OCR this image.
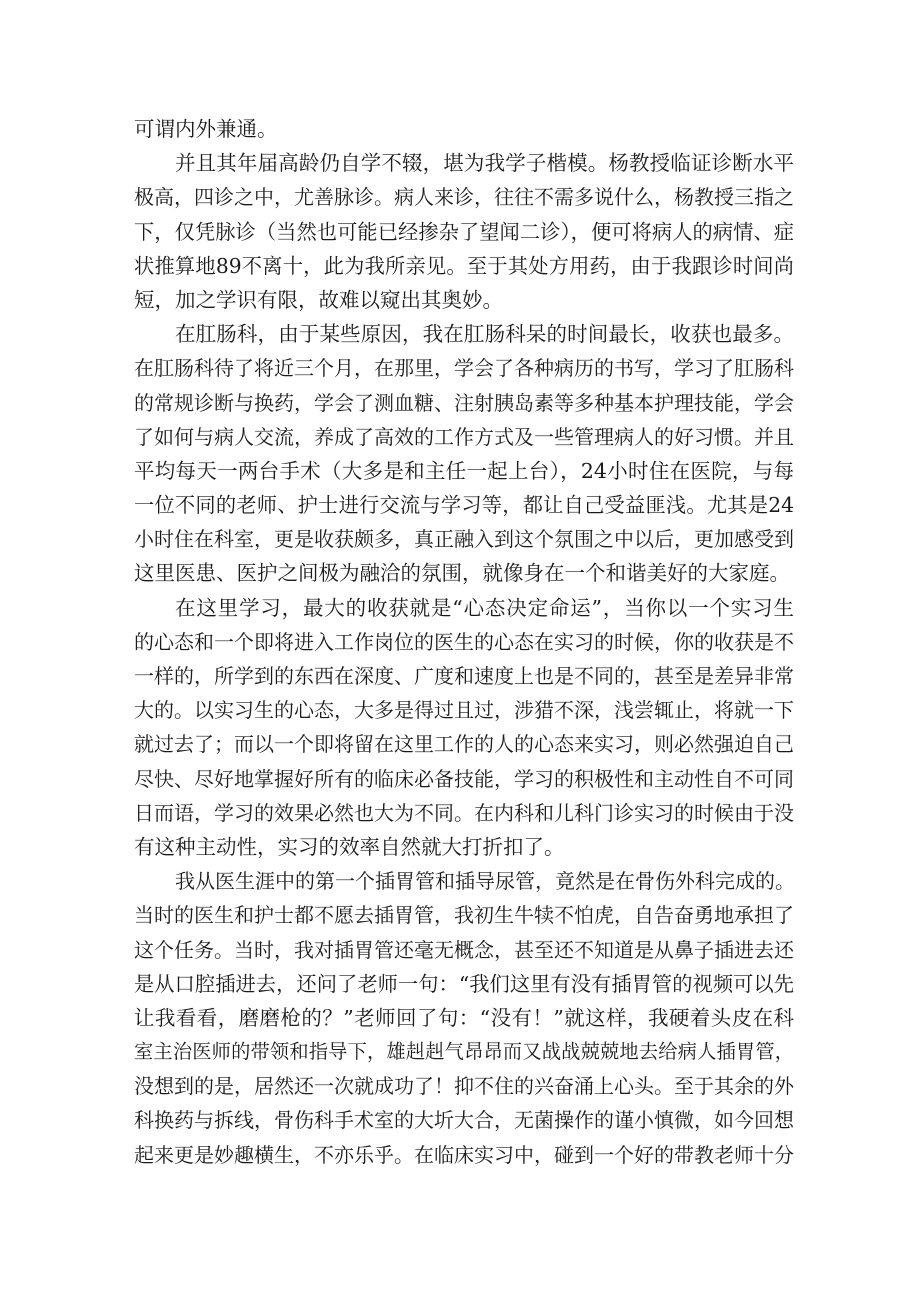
可谓内外兼通。
并且其年届高龄仍自学不辍，堪为我学子楷模。杨教授临证诊断水平
极高，四诊之中，尤善脉诊。病人来诊，往往不需多说什么，杨教授三指之
下，仅凭脉诊（当然也可能已经掺杂了望闻二诊），便可将病人的病情、症
状推算地89不离十，此为我所亲见。至于其处方用药，由于我跟诊时间尚
短，加之学识有限，故难以窥出其奥妙。
在肛肠科，由于某些原因，我在肛肠科呆的时间最长，收获也最多。
在肛肠科待了将近三个月，在那里，学会了各种病历的书写，学习了肛肠科
的常规诊断与换药，学会了测血糖、注射胰岛素等多种基本护理技能，学会
了如何与病人交流，养成了高效的工作方式及一些管理病人的好习惯。并且
平均每天一两台手术（大多是和主任一起上台），24小时住在医院，与每
一位不同的老师、护士进行交流与学习等，都让自己受益匪浅。尤其是24
小时住在科室，更是收获颇多，真正融入到这个氛围之中以后，更加感受到
这里医患、医护之间极为融洽的氛围，就像身在一个和谐美好的大家庭。
在这里学习，最大的收获就是“心态决定命运”，当你以一个实习生
的心态和一个即将进入工作岗位的医生的心态在实习的时候，你的收获是不
一样的，所学到的东西在深度、广度和速度上也是不同的，甚至是差异非常
大的。以实习生的心态，大多是得过且过，涉猎不深，浅尝辄止，将就一下
就过去了；而以一个即将留在这里工作的人的心态来实习，则必然强迫自己
尽快、尽好地掌握好所有的临床必备技能，学习的积极性和主动性自不可同
日而语，学习的效果必然也大为不同。在内科和儿科门诊实习的时候由于没
有这种主动性，实习的效率自然就大打折扣了。
我从医生涯中的第一个插胃管和插导尿管，竟然是在骨伤外科完成的。
当时的医生和护士都不愿去插胃管，我初生牛犊不怕虎，自告奋勇地承担了
这个任务。当时，我对插胃管还毫无概念，甚至还不知道是从鼻子插进去还
是从口腔插进去，还问了老师一句：“我们这里有没有插胃管的视频可以先
让我看看，磨磨枪的？”老师回了句：“没有！”就这样，我硬着头皮在科
室主治医师的带领和指导下，雄赳赳气昂昂而又战战兢兢地去给病人插胃管，
没想到的是，居然还一次就成功了！抑不住的兴奋涌上心头。至于其余的外
科换药与拆线，骨伤科手术室的大圻大合，无菌操作的谨小慎微，如今回想
起来更是妙趣横生，不亦乐乎。在临床实习中，碰到一个好的带教老师十分
